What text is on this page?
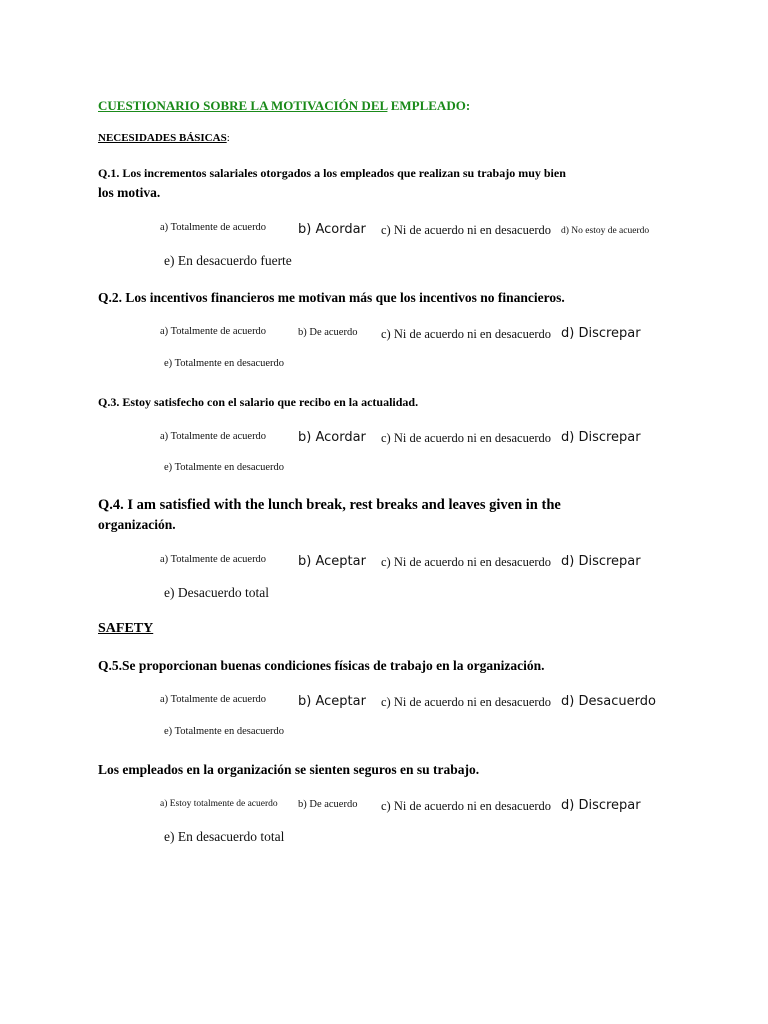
CUESTIONARIO SOBRE LA MOTIVACIÓN DEL EMPLEADO:
NECESIDADES BÁSICAS:
Q.1. Los incrementos salariales otorgados a los empleados que realizan su trabajo muy bien
los motiva.
a) Totalmente de acuerdo b) Acordar c) Ni de acuerdo ni en desacuerdo d) No estoy de acuerdo
e) En desacuerdo fuerte
Q.2. Los incentivos financieros me motivan más que los incentivos no financieros.
a) Totalmente de acuerdo	b) De acuerdo c) Ni de acuerdo ni en desacuerdo d) Discrepar
e) Totalmente en desacuerdo
Q.3. Estoy satisfecho con el salario que recibo en la actualidad.
a) Totalmente de acuerdo b) Acordar c) Ni de acuerdo ni en desacuerdo d) Discrepar
e) Totalmente en desacuerdo
Q.4. I am satisfied with the lunch break, rest breaks and leaves given in the
organización.
a) Totalmente de acuerdo b) Aceptar c) Ni de acuerdo ni en desacuerdo d) Discrepar
e) Desacuerdo total
SAFETY
Q.5.Se proporcionan buenas condiciones físicas de trabajo en la organización.
a) Totalmente de acuerdo b) Aceptar c) Ni de acuerdo ni en desacuerdo d) Desacuerdo
e) Totalmente en desacuerdo
Los empleados en la organización se sienten seguros en su trabajo.
a) Estoy totalmente de acuerdo b) De acuerdo c) Ni de acuerdo ni en desacuerdo d) Discrepar
e) En desacuerdo total
